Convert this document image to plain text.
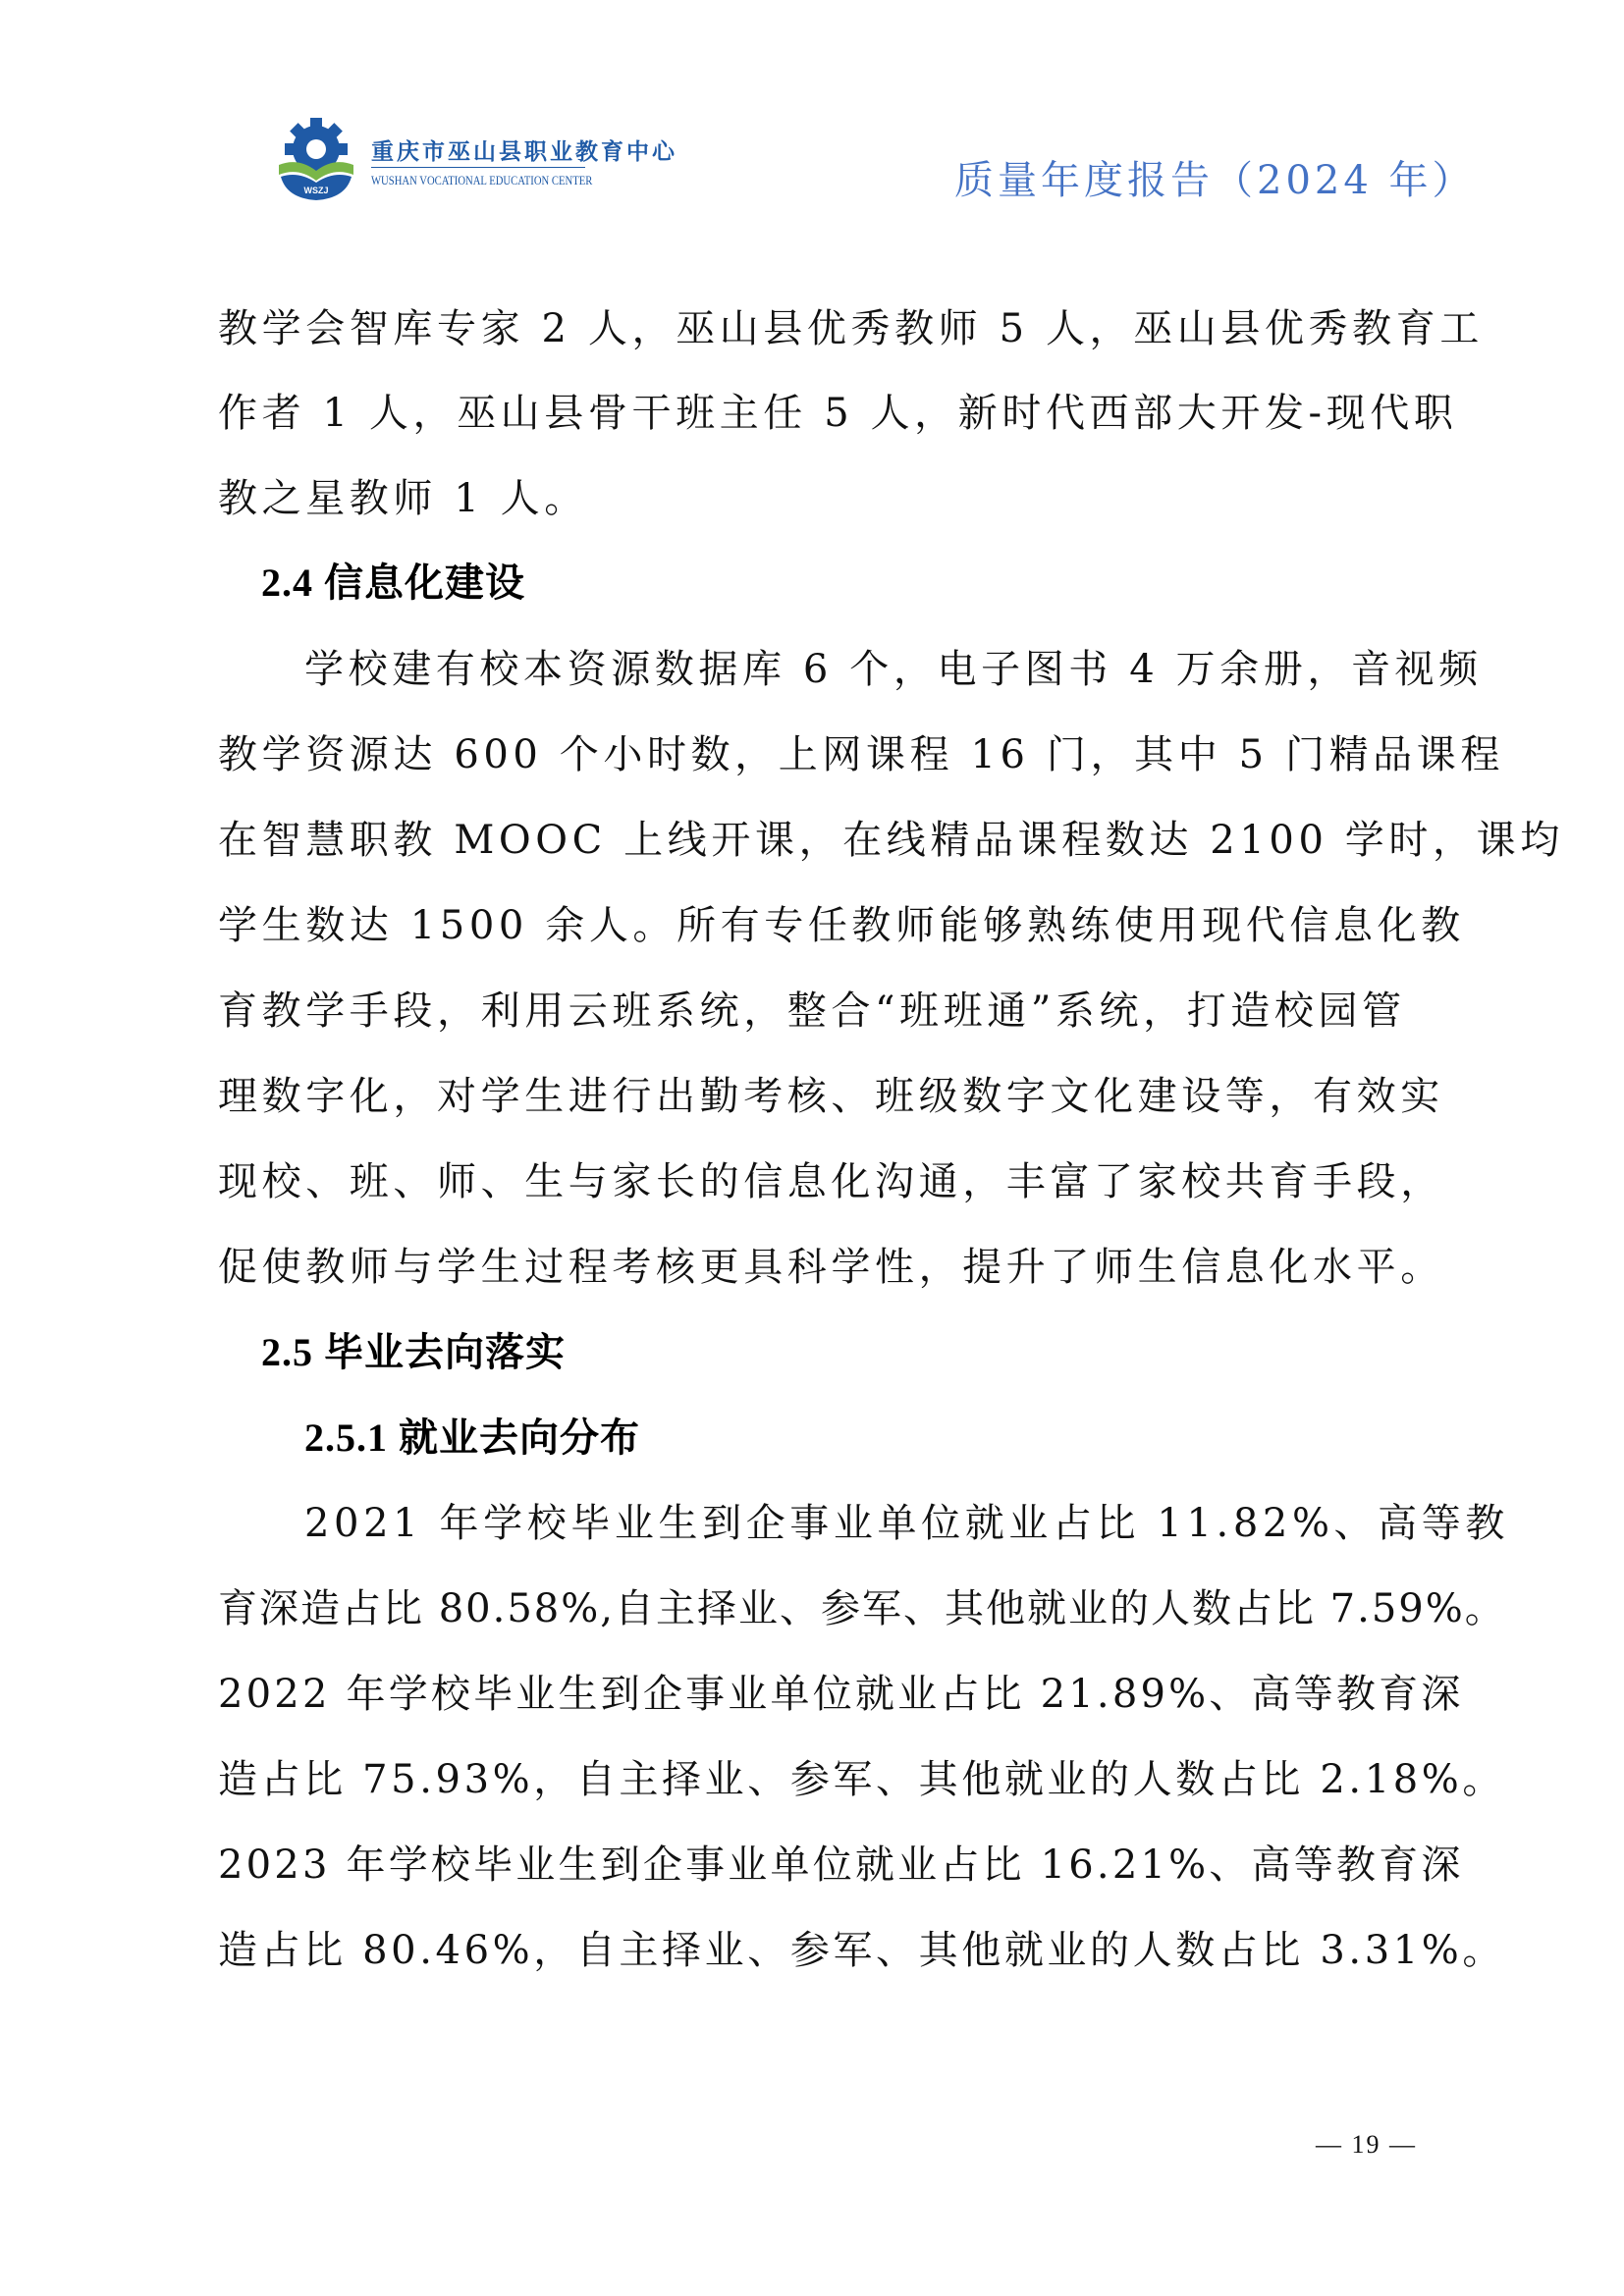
WSZJ
重庆市巫山县职业教育中心
WUSHAN VOCATIONAL EDUCATION CENTER	质量年度报告（2024 年）
教学会智库专家 2 人，巫山县优秀教师 5 人，巫山县优秀教育工
作者 1 人，巫山县骨干班主任 5 人，新时代西部大开发-现代职
教之星教师 1 人。
2.4 信息化建设
学校建有校本资源数据库 6 个，电子图书 4 万余册，音视频
教学资源达 600 个小时数，上网课程 16 门，其中 5 门精品课程
在智慧职教 MOOC 上线开课，在线精品课程数达 2100 学时，课均
学生数达 1500 余人。所有专任教师能够熟练使用现代信息化教
育教学手段，利用云班系统，整合“班班通”系统，打造校园管
理数字化，对学生进行出勤考核、班级数字文化建设等，有效实
现校、班、师、生与家长的信息化沟通，丰富了家校共育手段，
促使教师与学生过程考核更具科学性，提升了师生信息化水平。
2.5 毕业去向落实
2.5.1 就业去向分布
2021 年学校毕业生到企事业单位就业占比 11.82%、高等教
育深造占比 80.58%,自主择业、参军、其他就业的人数占比 7.59%。
2022 年学校毕业生到企事业单位就业占比 21.89%、高等教育深
造占比 75.93%，自主择业、参军、其他就业的人数占比 2.18%。
2023 年学校毕业生到企事业单位就业占比 16.21%、高等教育深
造占比 80.46%，自主择业、参军、其他就业的人数占比 3.31%。
— 19 —
